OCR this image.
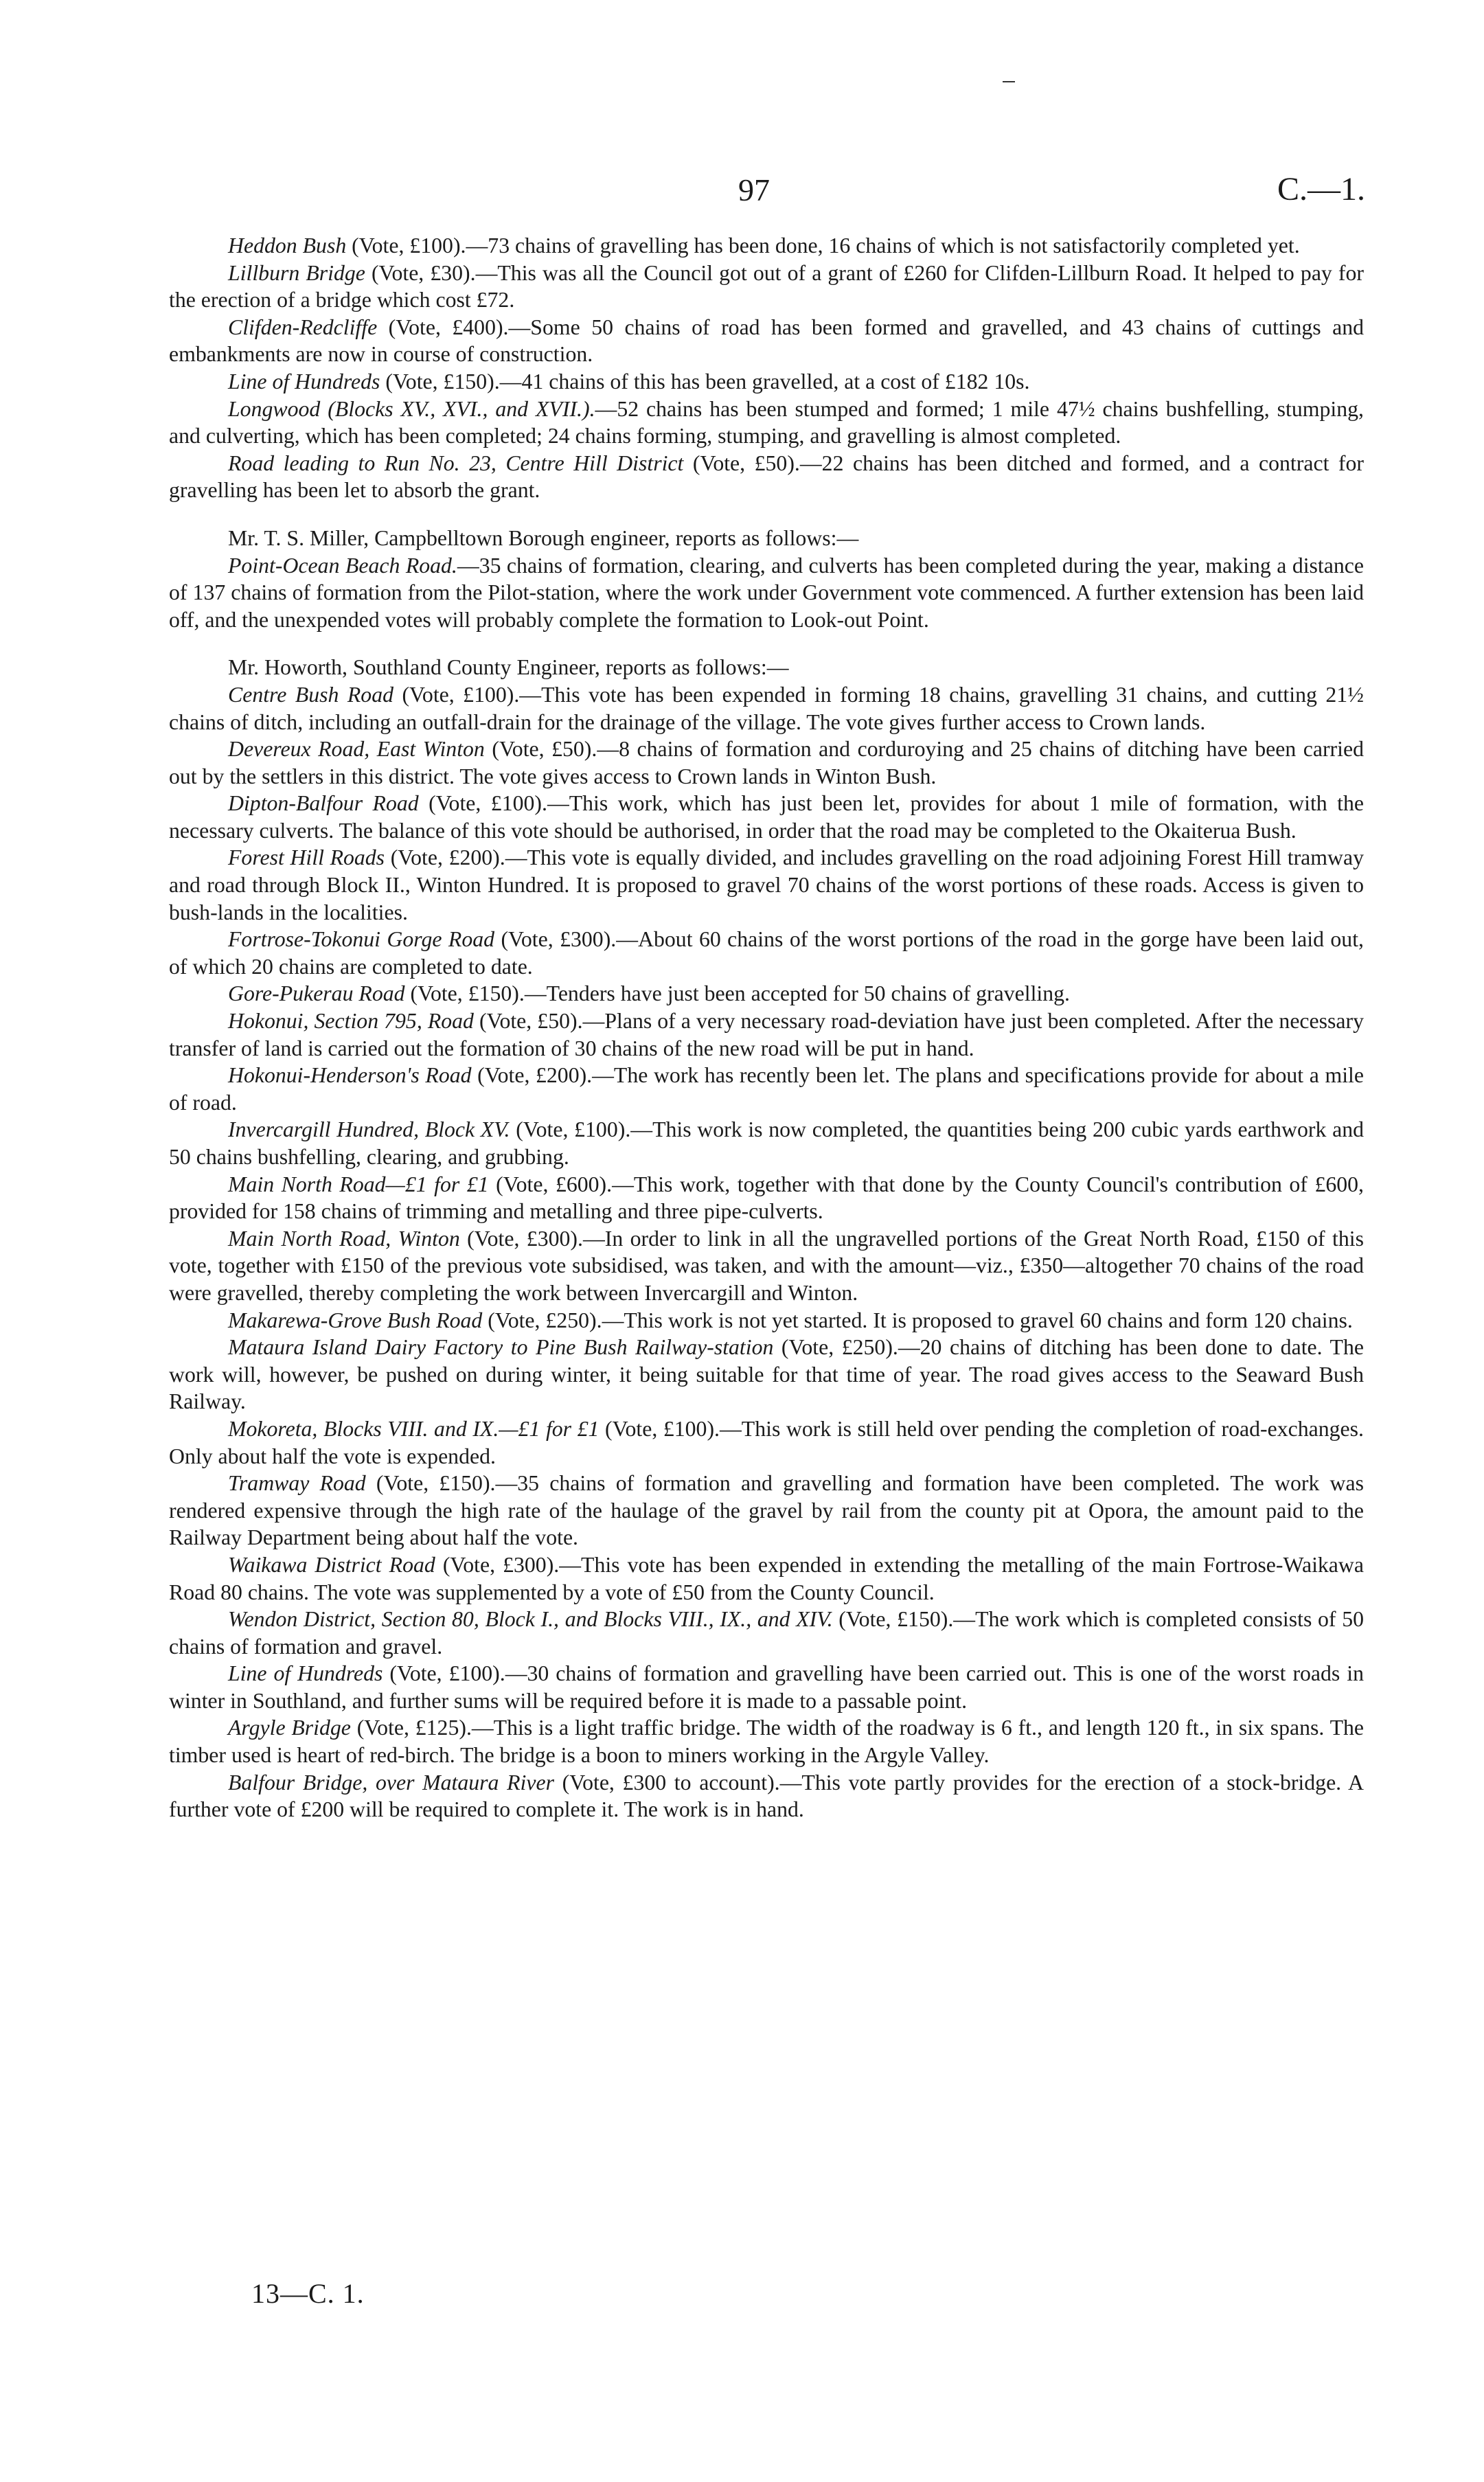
97	C.—1.

Heddon Bush (Vote, £100).—73 chains of gravelling has been done, 16 chains of which is not satisfactorily completed yet.

Lillburn Bridge (Vote, £30).—This was all the Council got out of a grant of £260 for Clifden-Lillburn Road. It helped to pay for the erection of a bridge which cost £72.

Clifden-Redcliffe (Vote, £400).—Some 50 chains of road has been formed and gravelled, and 43 chains of cuttings and embankments are now in course of construction.

Line of Hundreds (Vote, £150).—41 chains of this has been gravelled, at a cost of £182 10s.

Longwood (Blocks XV., XVI., and XVII.).—52 chains has been stumped and formed; 1 mile 47½ chains bushfelling, stumping, and culverting, which has been completed; 24 chains forming, stumping, and gravelling is almost completed.

Road leading to Run No. 23, Centre Hill District (Vote, £50).—22 chains has been ditched and formed, and a contract for gravelling has been let to absorb the grant.

Mr. T. S. Miller, Campbelltown Borough engineer, reports as follows:—

Point-Ocean Beach Road.—35 chains of formation, clearing, and culverts has been completed during the year, making a distance of 137 chains of formation from the Pilot-station, where the work under Government vote commenced. A further extension has been laid off, and the unexpended votes will probably complete the formation to Look-out Point.

Mr. Howorth, Southland County Engineer, reports as follows:—

Centre Bush Road (Vote, £100).—This vote has been expended in forming 18 chains, gravelling 31 chains, and cutting 21½ chains of ditch, including an outfall-drain for the drainage of the village. The vote gives further access to Crown lands.

Devereux Road, East Winton (Vote, £50).—8 chains of formation and corduroying and 25 chains of ditching have been carried out by the settlers in this district. The vote gives access to Crown lands in Winton Bush.

Dipton-Balfour Road (Vote, £100).—This work, which has just been let, provides for about 1 mile of formation, with the necessary culverts. The balance of this vote should be authorised, in order that the road may be completed to the Okaiterua Bush.

Forest Hill Roads (Vote, £200).—This vote is equally divided, and includes gravelling on the road adjoining Forest Hill tramway and road through Block II., Winton Hundred. It is proposed to gravel 70 chains of the worst portions of these roads. Access is given to bush-lands in the localities.

Fortrose-Tokonui Gorge Road (Vote, £300).—About 60 chains of the worst portions of the road in the gorge have been laid out, of which 20 chains are completed to date.

Gore-Pukerau Road (Vote, £150).—Tenders have just been accepted for 50 chains of gravelling.

Hokonui, Section 795, Road (Vote, £50).—Plans of a very necessary road-deviation have just been completed. After the necessary transfer of land is carried out the formation of 30 chains of the new road will be put in hand.

Hokonui-Henderson's Road (Vote, £200).—The work has recently been let. The plans and specifications provide for about a mile of road.

Invercargill Hundred, Block XV. (Vote, £100).—This work is now completed, the quantities being 200 cubic yards earthwork and 50 chains bushfelling, clearing, and grubbing.

Main North Road—£1 for £1 (Vote, £600).—This work, together with that done by the County Council's contribution of £600, provided for 158 chains of trimming and metalling and three pipe-culverts.

Main North Road, Winton (Vote, £300).—In order to link in all the ungravelled portions of the Great North Road, £150 of this vote, together with £150 of the previous vote subsidised, was taken, and with the amount—viz., £350—altogether 70 chains of the road were gravelled, thereby completing the work between Invercargill and Winton.

Makarewa-Grove Bush Road (Vote, £250).—This work is not yet started. It is proposed to gravel 60 chains and form 120 chains.

Mataura Island Dairy Factory to Pine Bush Railway-station (Vote, £250).—20 chains of ditching has been done to date. The work will, however, be pushed on during winter, it being suitable for that time of year. The road gives access to the Seaward Bush Railway.

Mokoreta, Blocks VIII. and IX.—£1 for £1 (Vote, £100).—This work is still held over pending the completion of road-exchanges. Only about half the vote is expended.

Tramway Road (Vote, £150).—35 chains of formation and gravelling and formation have been completed. The work was rendered expensive through the high rate of the haulage of the gravel by rail from the county pit at Opora, the amount paid to the Railway Department being about half the vote.

Waikawa District Road (Vote, £300).—This vote has been expended in extending the metalling of the main Fortrose-Waikawa Road 80 chains. The vote was supplemented by a vote of £50 from the County Council.

Wendon District, Section 80, Block I., and Blocks VIII., IX., and XIV. (Vote, £150).—The work which is completed consists of 50 chains of formation and gravel.

Line of Hundreds (Vote, £100).—30 chains of formation and gravelling have been carried out. This is one of the worst roads in winter in Southland, and further sums will be required before it is made to a passable point.

Argyle Bridge (Vote, £125).—This is a light traffic bridge. The width of the roadway is 6 ft., and length 120 ft., in six spans. The timber used is heart of red-birch. The bridge is a boon to miners working in the Argyle Valley.

Balfour Bridge, over Mataura River (Vote, £300 to account).—This vote partly provides for the erection of a stock-bridge. A further vote of £200 will be required to complete it. The work is in hand.

13—C. 1.
